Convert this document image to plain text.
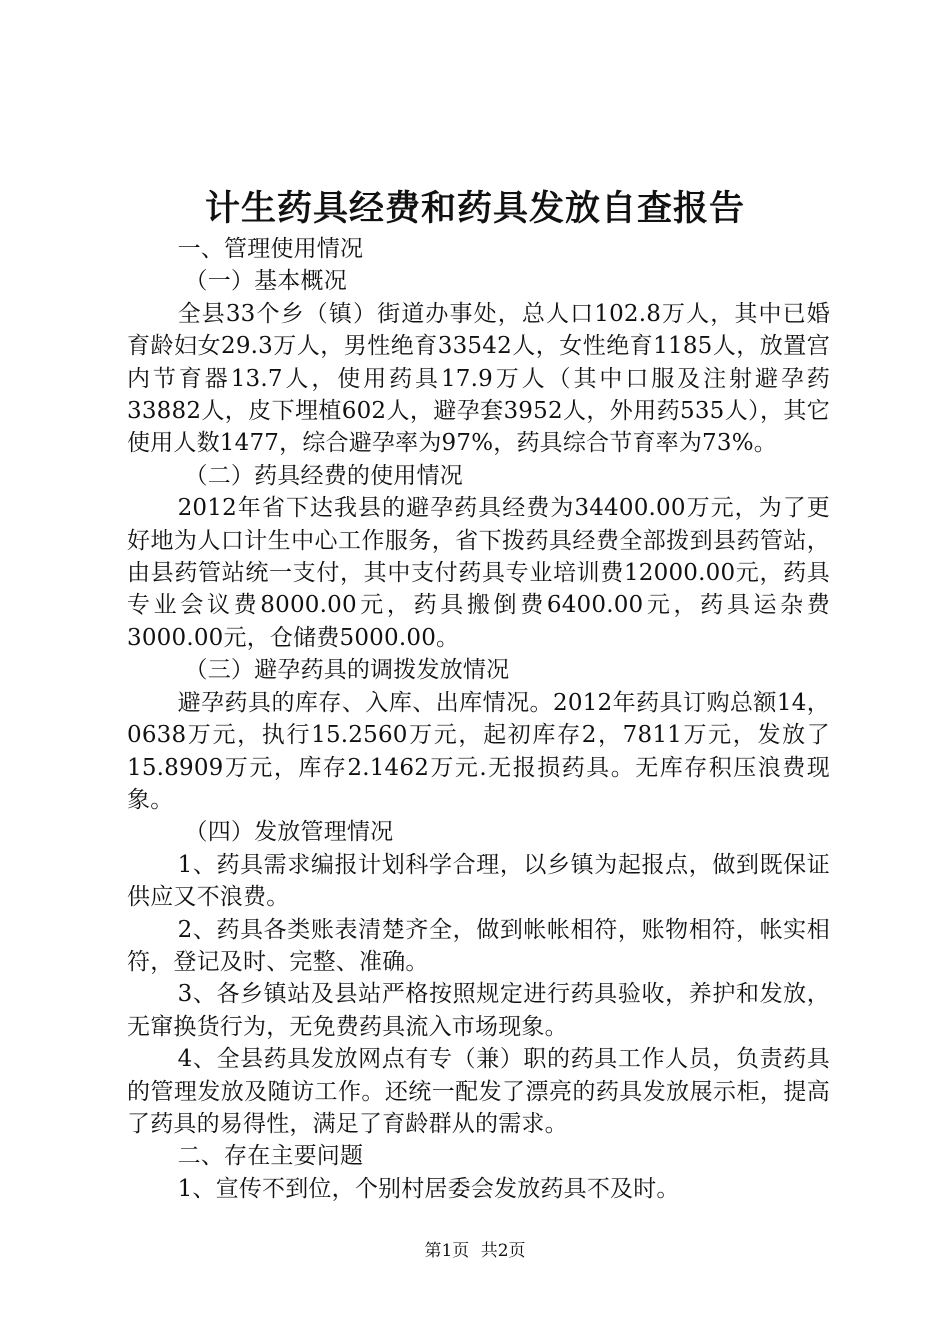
计生药具经费和药具发放自查报告

一、管理使用情况

（一）基本概况

全县33个乡（镇）街道办事处，总人口102.8万人，其中已婚育龄妇女29.3万人，男性绝育33542人，女性绝育1185人，放置宫内节育器13.7人，使用药具17.9万人（其中口服及注射避孕药33882人，皮下埋植602人，避孕套3952人，外用药535人），其它使用人数1477，综合避孕率为97%，药具综合节育率为73%。

（二）药具经费的使用情况

2012年省下达我县的避孕药具经费为34400.00万元，为了更好地为人口计生中心工作服务，省下拨药具经费全部拨到县药管站，由县药管站统一支付，其中支付药具专业培训费12000.00元，药具专业会议费8000.00元，药具搬倒费6400.00元，药具运杂费3000.00元，仓储费5000.00。

（三）避孕药具的调拨发放情况

避孕药具的库存、入库、出库情况。2012年药具订购总额14，0638万元，执行15.2560万元，起初库存2，7811万元，发放了15.8909万元，库存2.1462万元.无报损药具。无库存积压浪费现象。

（四）发放管理情况

1、药具需求编报计划科学合理，以乡镇为起报点，做到既保证供应又不浪费。

2、药具各类账表清楚齐全，做到帐帐相符，账物相符，帐实相符，登记及时、完整、准确。

3、各乡镇站及县站严格按照规定进行药具验收，养护和发放，无窜换货行为，无免费药具流入市场现象。

4、全县药具发放网点有专（兼）职的药具工作人员，负责药具的管理发放及随访工作。还统一配发了漂亮的药具发放展示柜，提高了药具的易得性，满足了育龄群从的需求。

二、存在主要问题

1、宣传不到位，个别村居委会发放药具不及时。

第1页 共2页
